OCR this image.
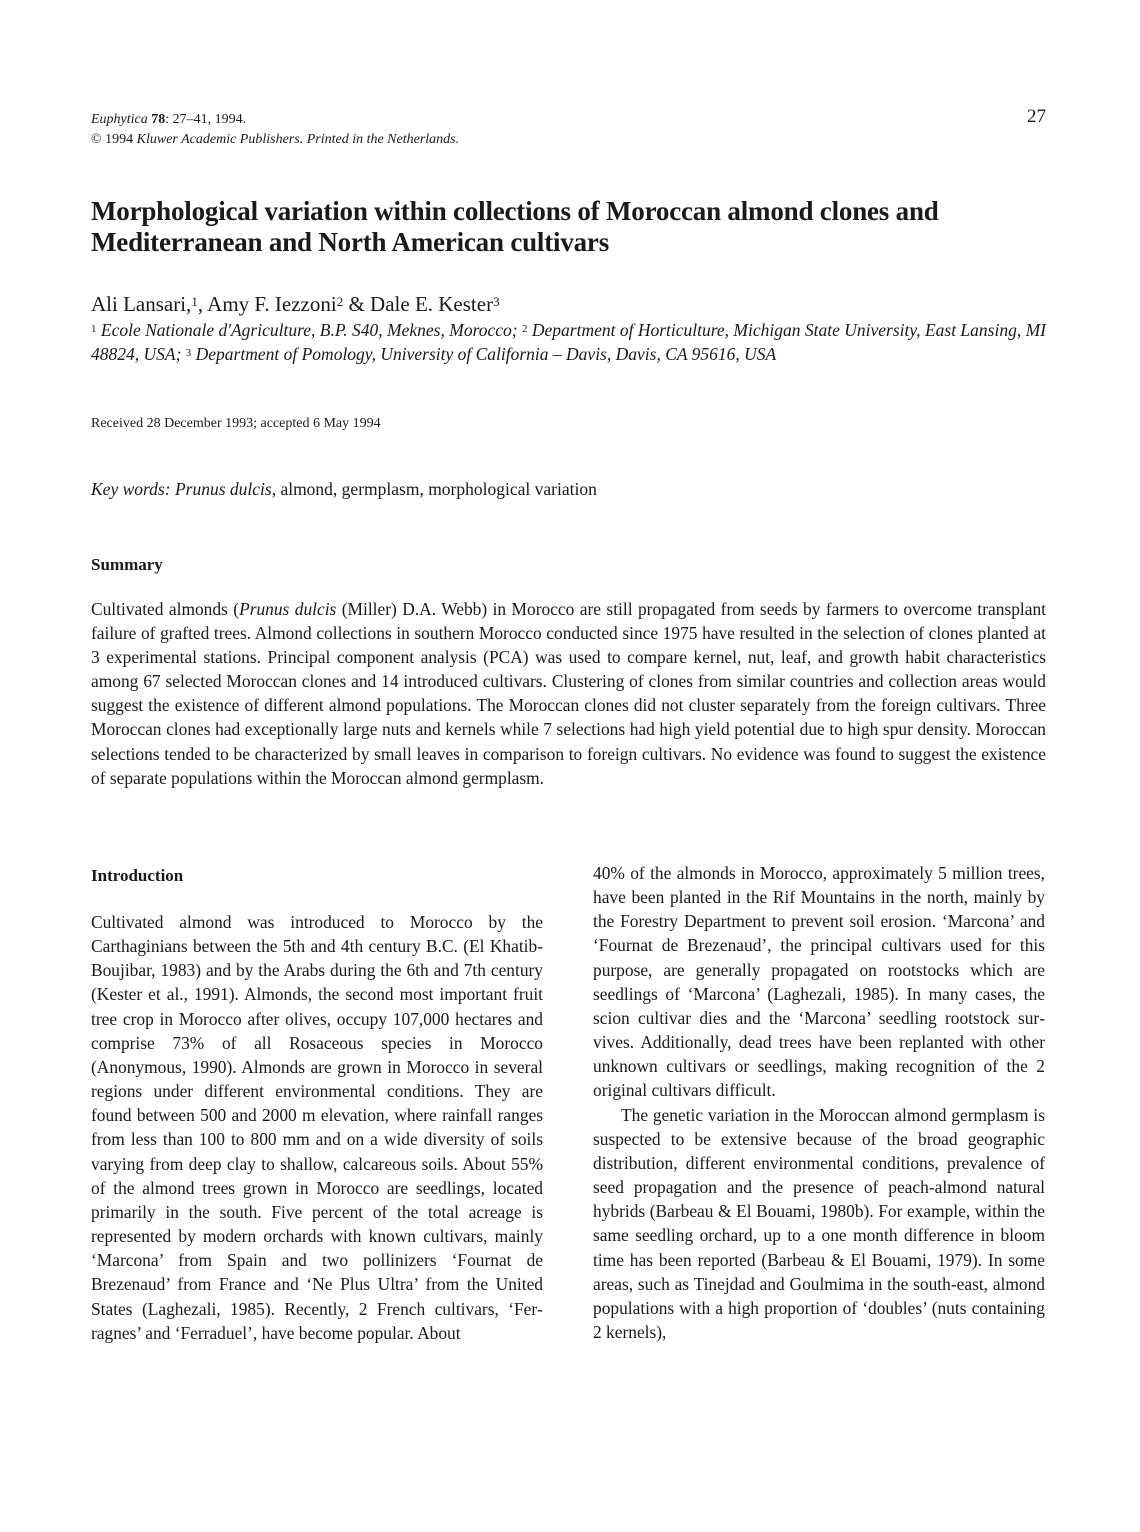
Euphytica 78: 27–41, 1994.
© 1994 Kluwer Academic Publishers. Printed in the Netherlands.
27
Morphological variation within collections of Moroccan almond clones and Mediterranean and North American cultivars
Ali Lansari,$^1$, Amy F. Iezzoni$^2$ & Dale E. Kester$^3$
$^1$ Ecole Nationale d'Agriculture, B.P. S40, Meknes, Morocco; $^2$ Department of Horticulture, Michigan State University, East Lansing, MI 48824, USA; $^3$ Department of Pomology, University of California – Davis, Davis, CA 95616, USA
Received 28 December 1993; accepted 6 May 1994
Key words: Prunus dulcis, almond, germplasm, morphological variation
Summary
Cultivated almonds (Prunus dulcis (Miller) D.A. Webb) in Morocco are still propagated from seeds by farmers to overcome transplant failure of grafted trees. Almond collections in southern Morocco conducted since 1975 have resulted in the selection of clones planted at 3 experimental stations. Principal component analysis (PCA) was used to compare kernel, nut, leaf, and growth habit characteristics among 67 selected Moroccan clones and 14 introduced cultivars. Clustering of clones from similar countries and collection areas would suggest the existence of different almond populations. The Moroccan clones did not cluster separately from the foreign cultivars. Three Moroccan clones had exceptionally large nuts and kernels while 7 selections had high yield potential due to high spur density. Moroccan selections tended to be characterized by small leaves in comparison to foreign cultivars. No evidence was found to suggest the existence of separate populations within the Moroccan almond germplasm.
Introduction

Cultivated almond was introduced to Morocco by the Carthaginians between the 5th and 4th century B.C. (El Khatib-Boujibar, 1983) and by the Arabs during the 6th and 7th century (Kester et al., 1991). Almonds, the second most important fruit tree crop in Morocco after olives, occupy 107,000 hectares and comprise 73% of all Rosaceous species in Morocco (Anonymous, 1990). Almonds are grown in Morocco in several regions under different environmental conditions. They are found between 500 and 2000 m elevation, where rainfall ranges from less than 100 to 800 mm and on a wide diversity of soils varying from deep clay to shallow, calcareous soils. About 55% of the almond trees grown in Morocco are seedlings, located primarily in the south. Five percent of the total acreage is represented by modern orchards with known cultivars, mainly ‘Marcona’ from Spain and two pollinizers ‘Fournat de Brezenaud’ from France and ‘Ne Plus Ultra’ from the United States (Laghezali, 1985). Recently, 2 French cultivars, ‘Ferragnes’ and ‘Ferraduel’, have become popular. About

40% of the almonds in Morocco, approximately 5 million trees, have been planted in the Rif Mountains in the north, mainly by the Forestry Department to prevent soil erosion. ‘Marcona’ and ‘Fournat de Brezenaud’, the principal cultivars used for this purpose, are generally propagated on rootstocks which are seedlings of ‘Marcona’ (Laghezali, 1985). In many cases, the scion cultivar dies and the ‘Marcona’ seedling rootstock survives. Additionally, dead trees have been replanted with other unknown cultivars or seedlings, making recognition of the 2 original cultivars difficult.

The genetic variation in the Moroccan almond germplasm is suspected to be extensive because of the broad geographic distribution, different environmental conditions, prevalence of seed propagation and the presence of peach-almond natural hybrids (Barbeau & El Bouami, 1980b). For example, within the same seedling orchard, up to a one month difference in bloom time has been reported (Barbeau & El Bouami, 1979). In some areas, such as Tinejdad and Goulmima in the south-east, almond populations with a high proportion of ‘doubles’ (nuts containing 2 kernels),
